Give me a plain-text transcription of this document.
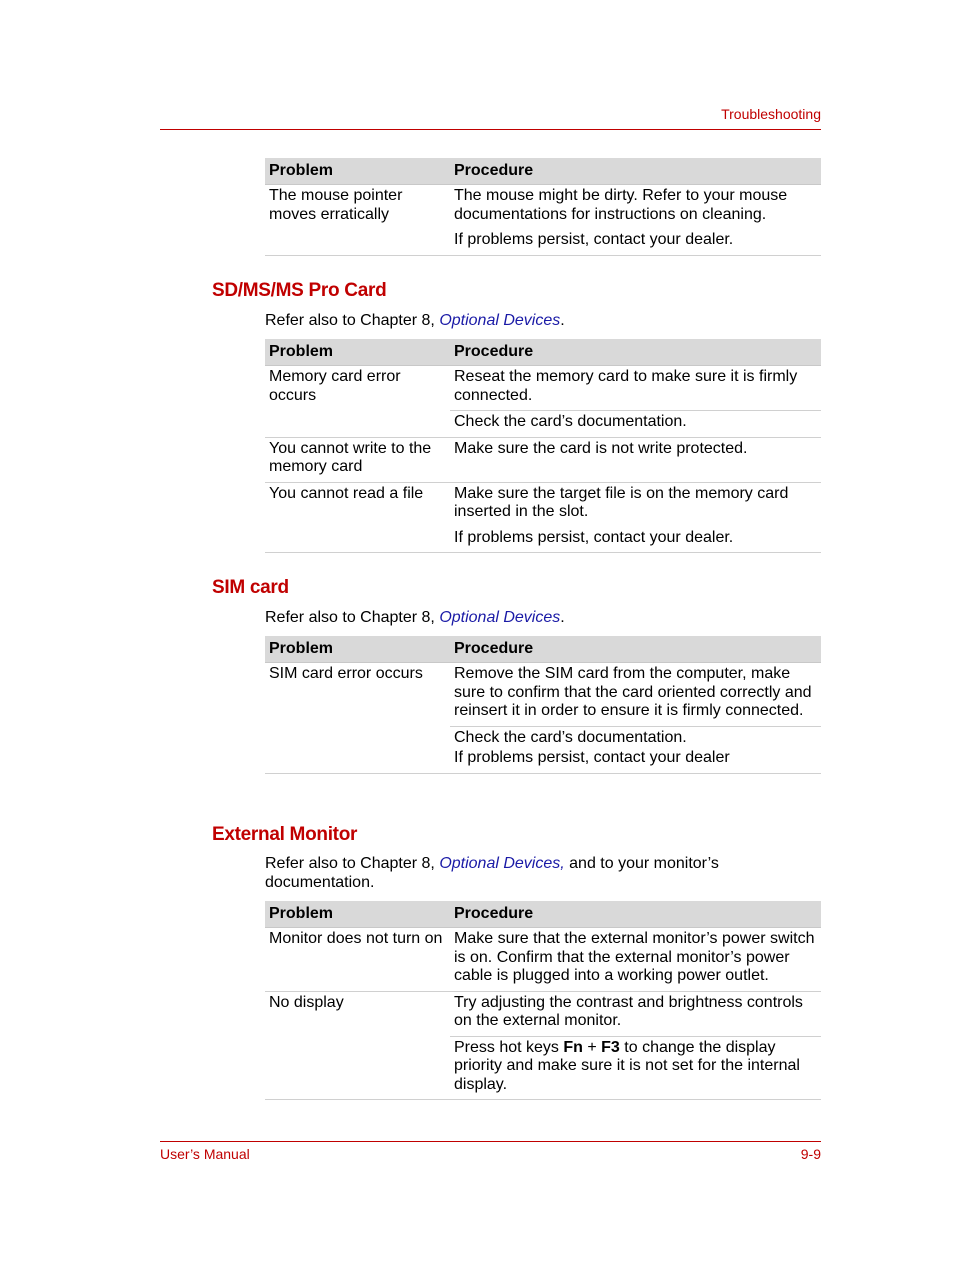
Troubleshooting
Problem	Procedure
The mouse pointer moves erratically	The mouse might be dirty. Refer to your mouse documentations for instructions on cleaning.
	If problems persist, contact your dealer.
SD/MS/MS Pro Card
Refer also to Chapter 8, Optional Devices.
Problem	Procedure
Memory card error occurs	Reseat the memory card to make sure it is firmly connected.
	Check the card’s documentation.
You cannot write to the memory card	Make sure the card is not write protected.
You cannot read a file	Make sure the target file is on the memory card inserted in the slot.
	If problems persist, contact your dealer.
SIM card
Refer also to Chapter 8, Optional Devices.
Problem	Procedure
SIM card error occurs	Remove the SIM card from the computer, make sure to confirm that the card oriented correctly and reinsert it in order to ensure it is firmly connected.
	Check the card’s documentation.
	If problems persist, contact your dealer
External Monitor
Refer also to Chapter 8, Optional Devices, and to your monitor’s documentation.
Problem	Procedure
Monitor does not turn on	Make sure that the external monitor’s power switch is on. Confirm that the external monitor’s power cable is plugged into a working power outlet.
No display	Try adjusting the contrast and brightness controls on the external monitor.
	Press hot keys Fn + F3 to change the display priority and make sure it is not set for the internal display.
User’s Manual	9-9
